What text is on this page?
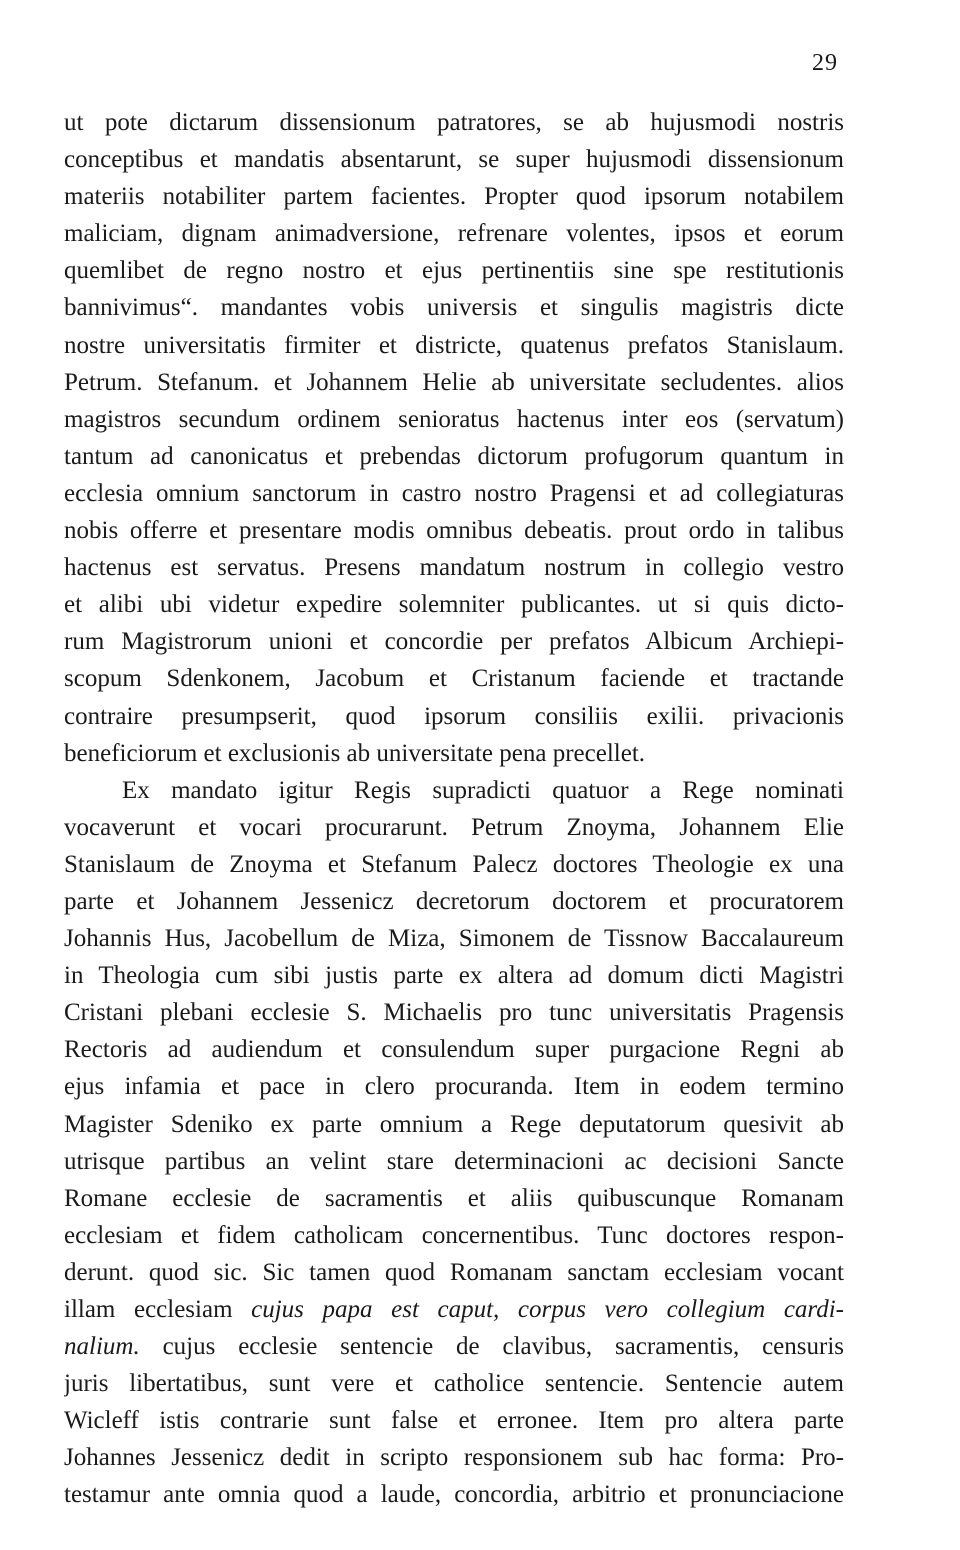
29
ut pote dictarum dissensionum patratores, se ab hujusmodi nostris
conceptibus et mandatis absentarunt, se super hujusmodi dissensionum
materiis notabiliter partem facientes. Propter quod ipsorum notabilem
maliciam, dignam animadversione, refrenare volentes, ipsos et eorum
quemlibet de regno nostro et ejus pertinentiis sine spe restitutionis
bannivimus“. mandantes vobis universis et singulis magistris dicte
nostre universitatis firmiter et districte, quatenus prefatos Stanislaum.
Petrum. Stefanum. et Johannem Helie ab universitate secludentes. alios
magistros secundum ordinem senioratus hactenus inter eos (servatum)
tantum ad canonicatus et prebendas dictorum profugorum quantum in
ecclesia omnium sanctorum in castro nostro Pragensi et ad collegiaturas
nobis offerre et presentare modis omnibus debeatis. prout ordo in talibus
hactenus est servatus. Presens mandatum nostrum in collegio vestro
et alibi ubi videtur expedire solemniter publicantes. ut si quis dicto-
rum Magistrorum unioni et concordie per prefatos Albicum Archiepi-
scopum Sdenkonem, Jacobum et Cristanum faciende et tractande
contraire presumpserit, quod ipsorum consiliis exilii. privacionis
beneficiorum et exclusionis ab universitate pena precellet.
Ex mandato igitur Regis supradicti quatuor a Rege nominati
vocaverunt et vocari procurarunt. Petrum Znoyma, Johannem Elie
Stanislaum de Znoyma et Stefanum Palecz doctores Theologie ex una
parte et Johannem Jessenicz decretorum doctorem et procuratorem
Johannis Hus, Jacobellum de Miza, Simonem de Tissnow Baccalaureum
in Theologia cum sibi justis parte ex altera ad domum dicti Magistri
Cristani plebani ecclesie S. Michaelis pro tunc universitatis Pragensis
Rectoris ad audiendum et consulendum super purgacione Regni ab
ejus infamia et pace in clero procuranda. Item in eodem termino
Magister Sdeniko ex parte omnium a Rege deputatorum quesivit ab
utrisque partibus an velint stare determinacioni ac decisioni Sancte
Romane ecclesie de sacramentis et aliis quibuscunque Romanam
ecclesiam et fidem catholicam concernentibus. Tunc doctores respon-
derunt. quod sic. Sic tamen quod Romanam sanctam ecclesiam vocant
illam ecclesiam cujus papa est caput, corpus vero collegium cardi-
nalium. cujus ecclesie sentencie de clavibus, sacramentis, censuris
juris libertatibus, sunt vere et catholice sentencie. Sentencie autem
Wicleff istis contrarie sunt false et erronee. Item pro altera parte
Johannes Jessenicz dedit in scripto responsionem sub hac forma: Pro-
testamur ante omnia quod a laude, concordia, arbitrio et pronunciacione
